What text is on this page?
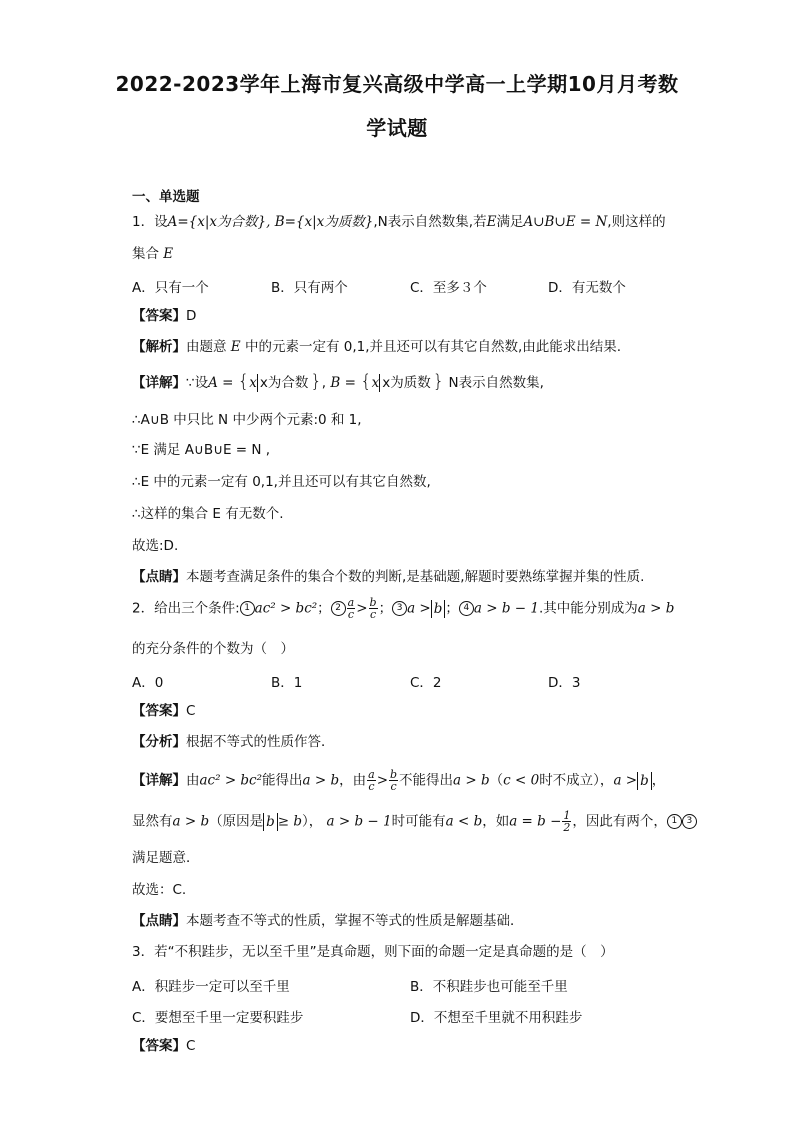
2022-2023学年上海市复兴高级中学高一上学期10月月考数
学试题
一、单选题
1．设A={x|x为合数}, B={x|x为质数},N表示自然数集,若E满足A∪B∪E = N,则这样的
集合 E
A．只有一个	B．只有两个	C．至多３个	D．有无数个
【答案】D
【解析】由题意 E 中的元素一定有 0,1,并且还可以有其它自然数,由此能求出结果.
【详解】∵设A = {x x为合数 }, B = {x x为质数 } N表示自然数集,
∴A∪B 中只比 N 中少两个元素:0 和 1,
∵E 满足 A∪B∪E = N ,
∴E 中的元素一定有 0,1,并且还可以有其它自然数,
∴这样的集合 E 有无数个.
故选:D.
【点睛】本题考查满足条件的集合个数的判断,是基础题,解题时要熟练掌握并集的性质.
2．给出三个条件: 1 ac² > bc²； $2 \frac{a}{c} > \frac{b}{c}$ ； 3 a > b ； 4 a > b − 1.其中能分别成为a > b
的充分条件的个数为（　）
A．0	B．1	C．2	D．3
【答案】C
【分析】根据不等式的性质作答．
【详解】由ac² > bc²能得出a > b，由 $\frac{a}{c} > \frac{b}{c}$ 不能得出a > b（c < 0时不成立），a > b ，
显然有a > b（原因是 b ≥ b）， a > b − 1时可能有a < b，如$a = b - \frac{1}{2}$ ，因此有两个， 1 3
满足题意．
故选：C.
【点睛】本题考查不等式的性质，掌握不等式的性质是解题基础．
3．若“不积跬步，无以至千里”是真命题，则下面的命题一定是真命题的是（　）
A．积跬步一定可以至千里	B．不积跬步也可能至千里
C．要想至千里一定要积跬步	D．不想至千里就不用积跬步
【答案】C
